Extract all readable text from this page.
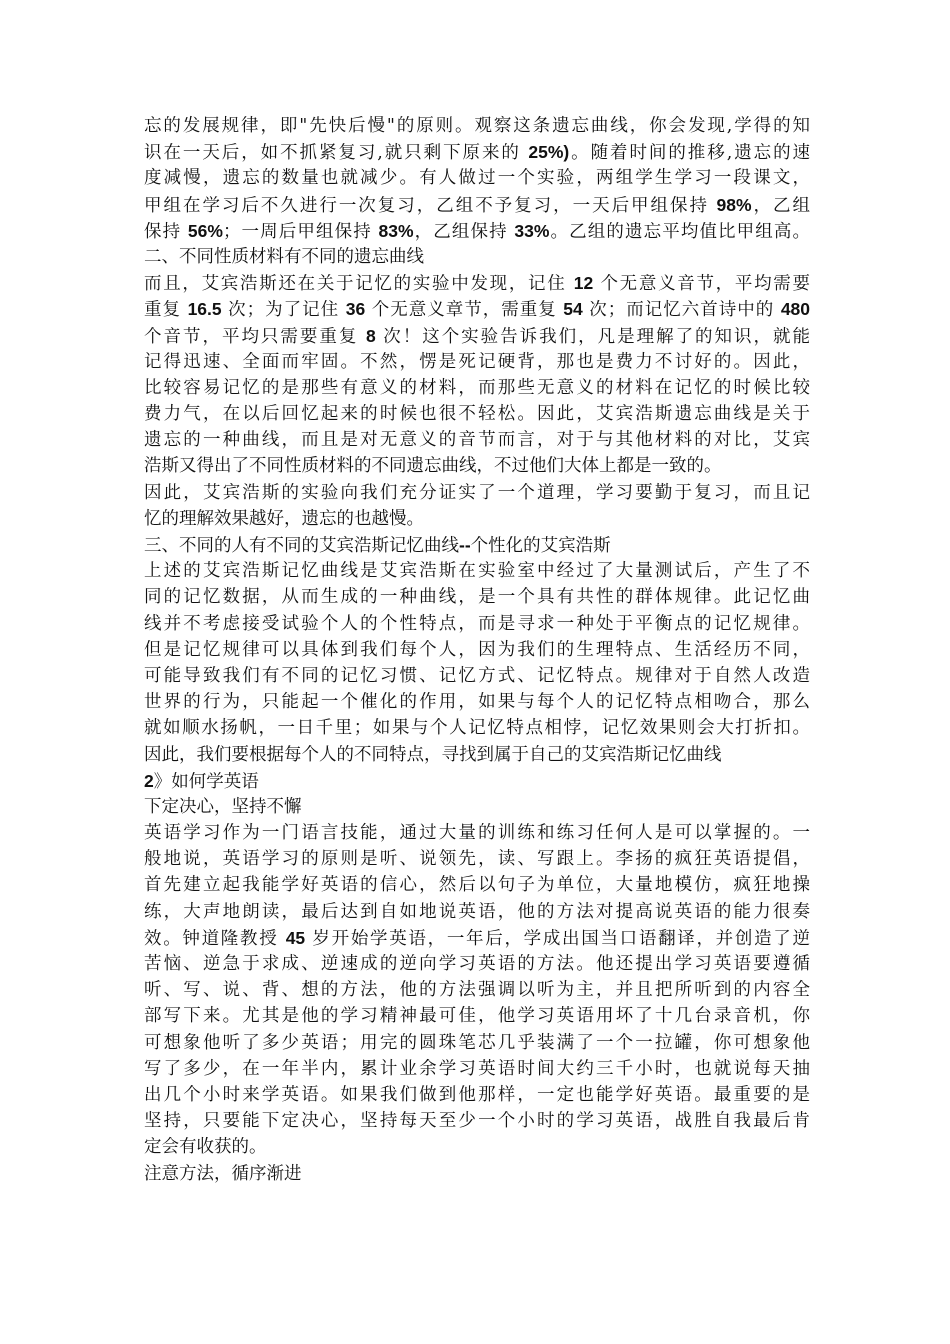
忘的发展规律，即"先快后慢"的原则。观察这条遗忘曲线，你会发现,学得的知
识在一天后，如不抓紧复习,就只剩下原来的 25%)。随着时间的推移,遗忘的速
度减慢，遗忘的数量也就减少。有人做过一个实验，两组学生学习一段课文，
甲组在学习后不久进行一次复习，乙组不予复习，一天后甲组保持 98%，乙组
保持 56%；一周后甲组保持 83%，乙组保持 33%。乙组的遗忘平均值比甲组高。
二、不同性质材料有不同的遗忘曲线
而且，艾宾浩斯还在关于记忆的实验中发现，记住 12 个无意义音节，平均需要
重复 16.5 次；为了记住 36 个无意义章节，需重复 54 次；而记忆六首诗中的 480
个音节，平均只需要重复 8 次！这个实验告诉我们，凡是理解了的知识，就能
记得迅速、全面而牢固。不然，愣是死记硬背，那也是费力不讨好的。因此，
比较容易记忆的是那些有意义的材料，而那些无意义的材料在记忆的时候比较
费力气，在以后回忆起来的时候也很不轻松。因此，艾宾浩斯遗忘曲线是关于
遗忘的一种曲线，而且是对无意义的音节而言，对于与其他材料的对比，艾宾
浩斯又得出了不同性质材料的不同遗忘曲线，不过他们大体上都是一致的。
因此，艾宾浩斯的实验向我们充分证实了一个道理，学习要勤于复习，而且记
忆的理解效果越好，遗忘的也越慢。
三、不同的人有不同的艾宾浩斯记忆曲线--个性化的艾宾浩斯
上述的艾宾浩斯记忆曲线是艾宾浩斯在实验室中经过了大量测试后，产生了不
同的记忆数据，从而生成的一种曲线，是一个具有共性的群体规律。此记忆曲
线并不考虑接受试验个人的个性特点，而是寻求一种处于平衡点的记忆规律。
但是记忆规律可以具体到我们每个人，因为我们的生理特点、生活经历不同，
可能导致我们有不同的记忆习惯、记忆方式、记忆特点。规律对于自然人改造
世界的行为，只能起一个催化的作用，如果与每个人的记忆特点相吻合，那么
就如顺水扬帆，一日千里；如果与个人记忆特点相悖，记忆效果则会大打折扣。
因此，我们要根据每个人的不同特点，寻找到属于自己的艾宾浩斯记忆曲线
2》如何学英语
下定决心，坚持不懈
英语学习作为一门语言技能，通过大量的训练和练习任何人是可以掌握的。一
般地说，英语学习的原则是听、说领先，读、写跟上。李扬的疯狂英语提倡，
首先建立起我能学好英语的信心，然后以句子为单位，大量地模仿，疯狂地操
练，大声地朗读，最后达到自如地说英语，他的方法对提高说英语的能力很奏
效。钟道隆教授 45 岁开始学英语，一年后，学成出国当口语翻译，并创造了逆
苦恼、逆急于求成、逆速成的逆向学习英语的方法。他还提出学习英语要遵循
听、写、说、背、想的方法，他的方法强调以听为主，并且把所听到的内容全
部写下来。尤其是他的学习精神最可佳，他学习英语用坏了十几台录音机，你
可想象他听了多少英语；用完的圆珠笔芯几乎装满了一个一拉罐，你可想象他
写了多少，在一年半内，累计业余学习英语时间大约三千小时，也就说每天抽
出几个小时来学英语。如果我们做到他那样，一定也能学好英语。最重要的是
坚持，只要能下定决心，坚持每天至少一个小时的学习英语，战胜自我最后肯
定会有收获的。
注意方法，循序渐进
